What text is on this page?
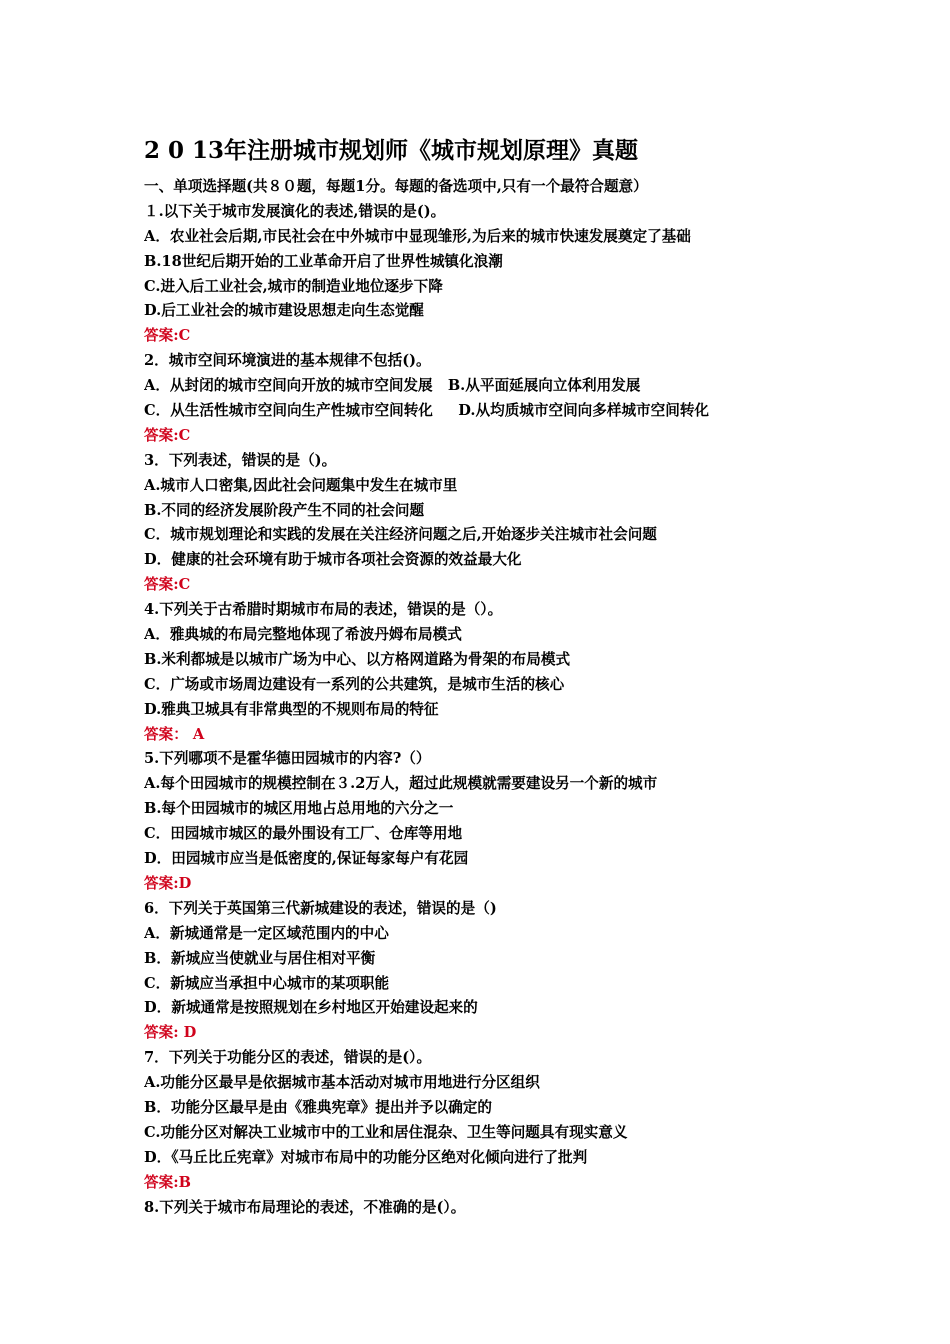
2 0 13年注册城市规划师《城市规划原理》真题
一、单项选择题(共８０题，每题1分。每题的备选项中,只有一个最符合题意）
１.以下关于城市发展演化的表述,错误的是()。
A．农业社会后期,市民社会在中外城市中显现雏形,为后来的城市快速发展奠定了基础
B.18世纪后期开始的工业革命开启了世界性城镇化浪潮
C.进入后工业社会,城市的制造业地位逐步下降
D.后工业社会的城市建设思想走向生态觉醒
答案:C
2．城市空间环境演进的基本规律不包括()。
A．从封闭的城市空间向开放的城市空间发展   B.从平面延展向立体利用发展
C．从生活性城市空间向生产性城市空间转化     D.从均质城市空间向多样城市空间转化
答案:C
3．下列表述，错误的是（)。
A.城市人口密集,因此社会问题集中发生在城市里
B.不同的经济发展阶段产生不同的社会问题
C．城市规划理论和实践的发展在关注经济问题之后,开始逐步关注城市社会问题
D．健康的社会环境有助于城市各项社会资源的效益最大化
答案:C
4.下列关于古希腊时期城市布局的表述，错误的是（）。
A．雅典城的布局完整地体现了希波丹姆布局模式
B.米利都城是以城市广场为中心、以方格网道路为骨架的布局模式
C．广场或市场周边建设有一系列的公共建筑，是城市生活的核心
D.雅典卫城具有非常典型的不规则布局的特征
答案： A
5.下列哪项不是霍华德田园城市的内容?（）
A.每个田园城市的规模控制在３.2万人，超过此规模就需要建设另一个新的城市
B.每个田园城市的城区用地占总用地的六分之一
C．田园城市城区的最外围设有工厂、仓库等用地
D．田园城市应当是低密度的,保证每家每户有花园
答案:D
6．下列关于英国第三代新城建设的表述，错误的是（)
A．新城通常是一定区域范围内的中心
B．新城应当使就业与居住相对平衡
C．新城应当承担中心城市的某项职能
D．新城通常是按照规划在乡村地区开始建设起来的
答案: D
7．下列关于功能分区的表述，错误的是(）。
A.功能分区最早是依据城市基本活动对城市用地进行分区组织
B．功能分区最早是由《雅典宪章》提出并予以确定的
C.功能分区对解决工业城市中的工业和居住混杂、卫生等问题具有现实意义
D．《马丘比丘宪章》对城市布局中的功能分区绝对化倾向进行了批判
答案:B
8.下列关于城市布局理论的表述，不准确的是(）。
